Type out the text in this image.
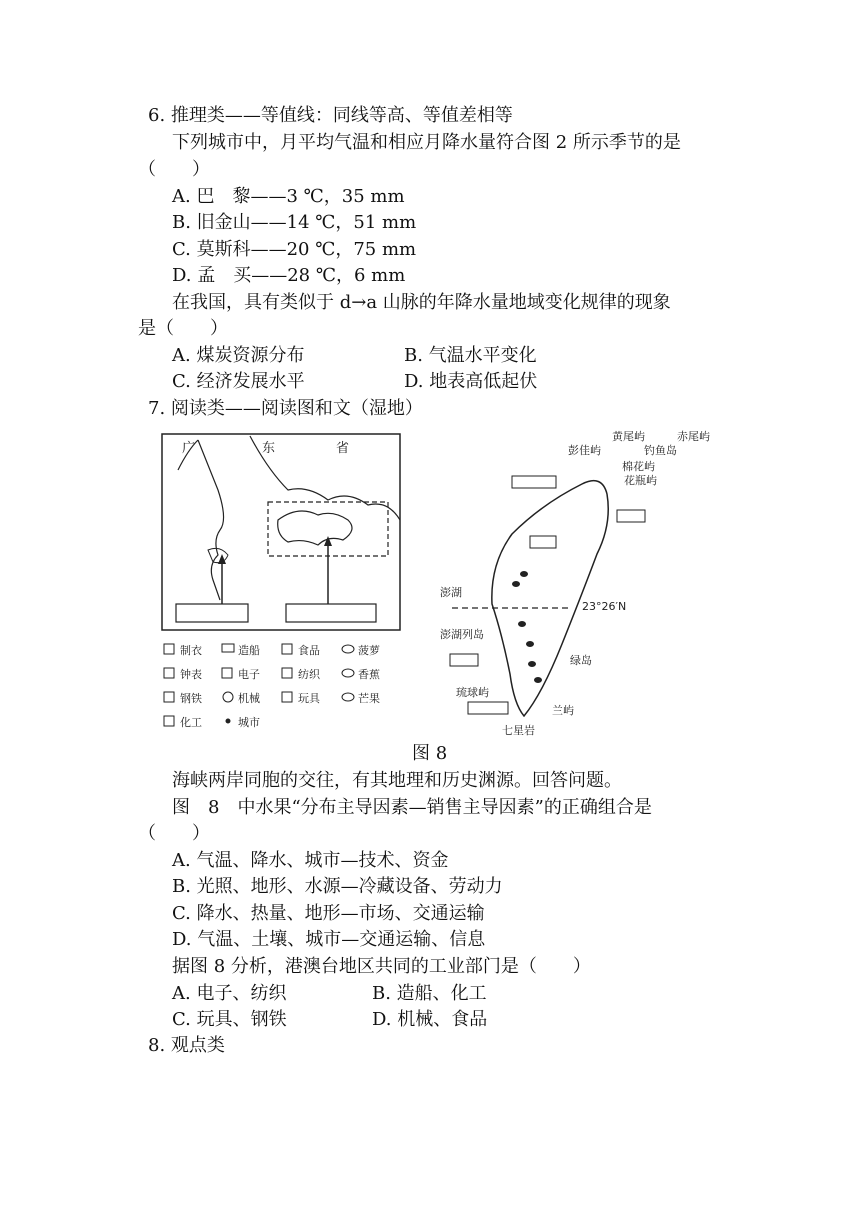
6. 推理类——等值线：同线等高、等值差相等
下列城市中，月平均气温和相应月降水量符合图 2 所示季节的是
（　　）
A. 巴　黎——3 ℃，35 mm
B. 旧金山——14 ℃，51 mm
C. 莫斯科——20 ℃，75 mm
D. 孟　买——28 ℃，6 mm
在我国，具有类似于 d→a 山脉的年降水量地域变化规律的现象
是（　　）
A. 煤炭资源分布	B. 气温水平变化
C. 经济发展水平	D. 地表高低起伏
7. 阅读类——阅读图和文（湿地）
广	东	省
制衣	造船	食品	菠萝
钟表	电子	纺织	香蕉
钢铁	机械	玩具	芒果
化工	城市
黄尾屿	赤尾屿
彭佳屿	钓鱼岛
棉花屿
花瓶屿
澎湖
澎湖列岛
23°26′N
绿岛
琉球屿
兰屿
七星岩
图 8
海峡两岸同胞的交往，有其地理和历史渊源。回答问题。
图　8　中水果“分布主导因素—销售主导因素”的正确组合是
（　　）
A. 气温、降水、城市—技术、资金
B. 光照、地形、水源—冷藏设备、劳动力
C. 降水、热量、地形—市场、交通运输
D. 气温、土壤、城市—交通运输、信息
据图 8 分析，港澳台地区共同的工业部门是（　　）
A. 电子、纺织	B. 造船、化工
C. 玩具、钢铁	D. 机械、食品
8. 观点类
